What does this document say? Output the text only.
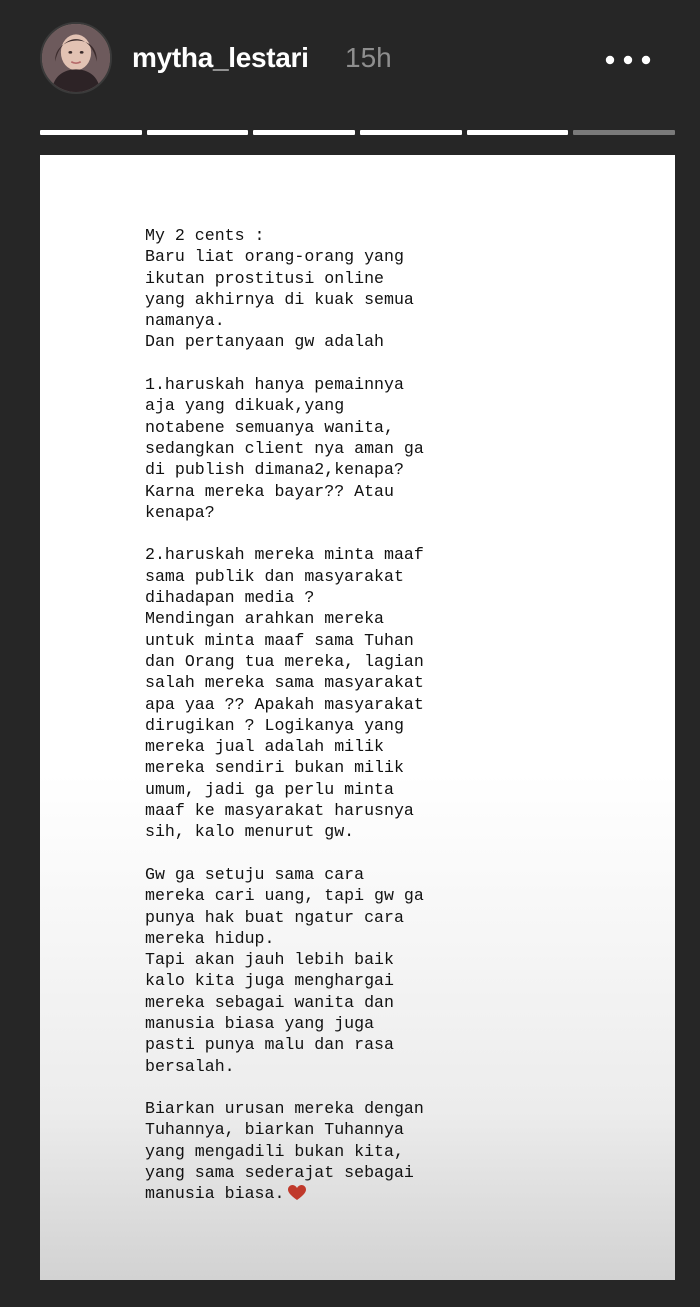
mytha_lestari 15h
My 2 cents :
Baru liat orang-orang yang
ikutan prostitusi online
yang akhirnya di kuak semua
namanya.
Dan pertanyaan gw adalah

1.haruskah hanya pemainnya
aja yang dikuak,yang
notabene semuanya wanita,
sedangkan client nya aman ga
di publish dimana2,kenapa?
Karna mereka bayar?? Atau
kenapa?

2.haruskah mereka minta maaf
sama publik dan masyarakat
dihadapan media ?
Mendingan arahkan mereka
untuk minta maaf sama Tuhan
dan Orang tua mereka, lagian
salah mereka sama masyarakat
apa yaa ?? Apakah masyarakat
dirugikan ? Logikanya yang
mereka jual adalah milik
mereka sendiri bukan milik
umum, jadi ga perlu minta
maaf ke masyarakat harusnya
sih, kalo menurut gw.

Gw ga setuju sama cara
mereka cari uang, tapi gw ga
punya hak buat ngatur cara
mereka hidup.
Tapi akan jauh lebih baik
kalo kita juga menghargai
mereka sebagai wanita dan
manusia biasa yang juga
pasti punya malu dan rasa
bersalah.

Biarkan urusan mereka dengan
Tuhannya, biarkan Tuhannya
yang mengadili bukan kita,
yang sama sederajat sebagai
manusia biasa.
